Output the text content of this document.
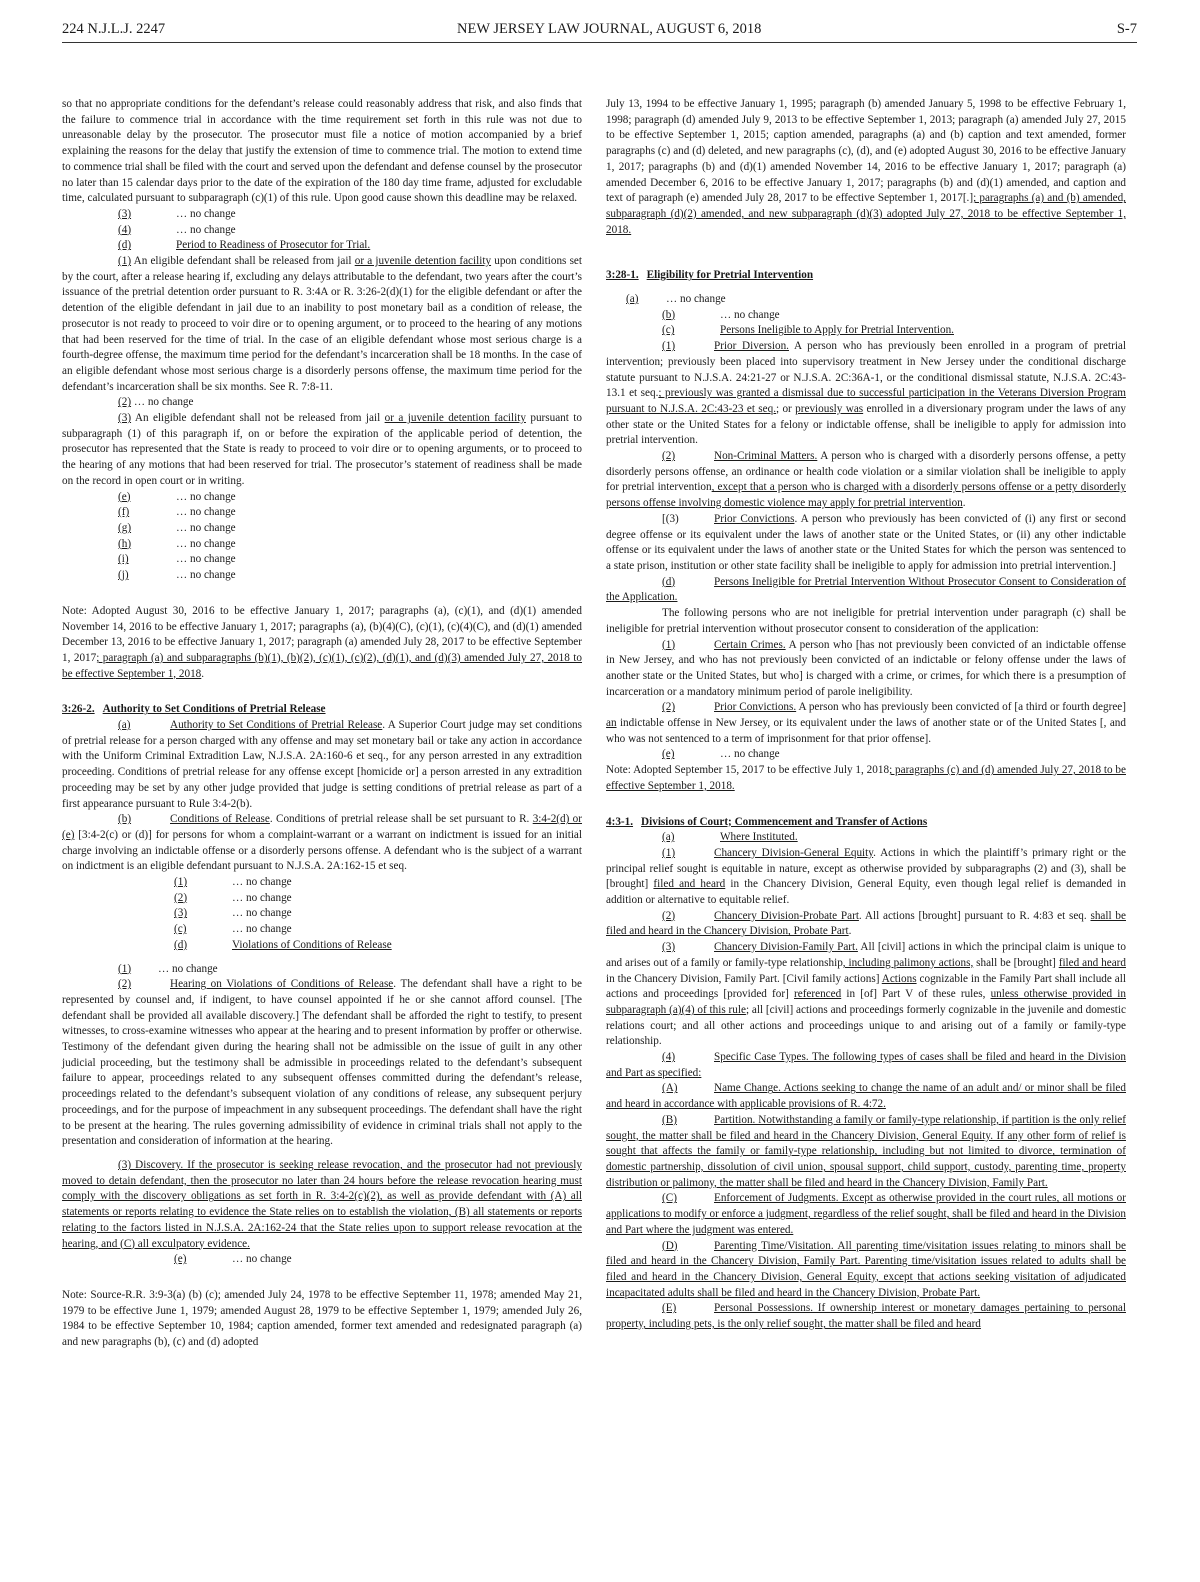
224 N.J.L.J. 2247	NEW JERSEY LAW JOURNAL, AUGUST 6, 2018	S-7

so that no appropriate conditions for the defendant’s release could reasonably address that risk, and also finds that the failure to commence trial in accordance with the time requirement set forth in this rule was not due to unreasonable delay by the prosecutor. The prosecutor must file a notice of motion accompanied by a brief explaining the reasons for the delay that justify the extension of time to commence trial. The motion to extend time to commence trial shall be filed with the court and served upon the defendant and defense counsel by the prosecutor no later than 15 calendar days prior to the date of the expiration of the 180 day time frame, adjusted for excludable time, calculated pursuant to subparagraph (c)(1) of this rule. Upon good cause shown this deadline may be relaxed.

(3)	… no change
(4)	… no change
(d)	Period to Readiness of Prosecutor for Trial.

(1) An eligible defendant shall be released from jail or a juvenile detention facility upon conditions set by the court, after a release hearing if, excluding any delays attributable to the defendant, two years after the court’s issuance of the pretrial detention order pursuant to R. 3:4A or R. 3:26-2(d)(1) for the eligible defendant or after the detention of the eligible defendant in jail due to an inability to post monetary bail as a condition of release, the prosecutor is not ready to proceed to voir dire or to opening argument, or to proceed to the hearing of any motions that had been reserved for the time of trial. In the case of an eligible defendant whose most serious charge is a fourth-degree offense, the maximum time period for the defendant’s incarceration shall be 18 months. In the case of an eligible defendant whose most serious charge is a disorderly persons offense, the maximum time period for the defendant’s incarceration shall be six months. See R. 7:8-11.

(2) … no change

(3) An eligible defendant shall not be released from jail or a juvenile detention facility pursuant to subparagraph (1) of this paragraph if, on or before the expiration of the applicable period of detention, the prosecutor has represented that the State is ready to proceed to voir dire or to opening arguments, or to proceed to the hearing of any motions that had been reserved for trial. The prosecutor’s statement of readiness shall be made on the record in open court or in writing.

(e)	… no change
(f)	… no change
(g)	… no change
(h)	… no change
(i)	… no change
(j)	… no change

Note: Adopted August 30, 2016 to be effective January 1, 2017; paragraphs (a), (c)(1), and (d)(1) amended November 14, 2016 to be effective January 1, 2017; paragraphs (a), (b)(4)(C), (c)(1), (c)(4)(C), and (d)(1) amended December 13, 2016 to be effective January 1, 2017; paragraph (a) amended July 28, 2017 to be effective September 1, 2017; paragraph (a) and subparagraphs (b)(1), (b)(2), (c)(1), (c)(2), (d)(1), and (d)(3) amended July 27, 2018 to be effective September 1, 2018.

3:26-2. Authority to Set Conditions of Pretrial Release

(a)	Authority to Set Conditions of Pretrial Release. A Superior Court judge may set conditions of pretrial release for a person charged with any offense and may set monetary bail or take any action in accordance with the Uniform Criminal Extradition Law, N.J.S.A. 2A:160-6 et seq., for any person arrested in any extradition proceeding. Conditions of pretrial release for any offense except [homicide or] a person arrested in any extradition proceeding may be set by any other judge provided that judge is setting conditions of pretrial release as part of a first appearance pursuant to Rule 3:4-2(b).

(b)	Conditions of Release. Conditions of pretrial release shall be set pursuant to R. 3:4-2(d) or (e) [3:4-2(c) or (d)] for persons for whom a complaint-warrant or a warrant on indictment is issued for an initial charge involving an indictable offense or a disorderly persons offense. A defendant who is the subject of a warrant on indictment is an eligible defendant pursuant to N.J.S.A. 2A:162-15 et seq.

(1)	… no change
(2)	… no change
(3)	… no change
(c)	… no change
(d)	Violations of Conditions of Release
(1)	… no change

(2)	Hearing on Violations of Conditions of Release. The defendant shall have a right to be represented by counsel and, if indigent, to have counsel appointed if he or she cannot afford counsel. [The defendant shall be provided all available discovery.] The defendant shall be afforded the right to testify, to present witnesses, to cross-examine witnesses who appear at the hearing and to present information by proffer or otherwise. Testimony of the defendant given during the hearing shall not be admissible on the issue of guilt in any other judicial proceeding, but the testimony shall be admissible in proceedings related to the defendant’s subsequent failure to appear, proceedings related to any subsequent offenses committed during the defendant’s release, proceedings related to the defendant’s subsequent violation of any conditions of release, any subsequent perjury proceedings, and for the purpose of impeachment in any subsequent proceedings. The defendant shall have the right to be present at the hearing. The rules governing admissibility of evidence in criminal trials shall not apply to the presentation and consideration of information at the hearing.

(3) Discovery. If the prosecutor is seeking release revocation, and the prosecutor had not previously moved to detain defendant, then the prosecutor no later than 24 hours before the release revocation hearing must comply with the discovery obligations as set forth in R. 3:4-2(c)(2), as well as provide defendant with (A) all statements or reports relating to evidence the State relies on to establish the violation, (B) all statements or reports relating to the factors listed in N.J.S.A. 2A:162-24 that the State relies upon to support release revocation at the hearing, and (C) all exculpatory evidence.

(e)	… no change

Note: Source-R.R. 3:9-3(a) (b) (c); amended July 24, 1978 to be effective September 11, 1978; amended May 21, 1979 to be effective June 1, 1979; amended August 28, 1979 to be effective September 1, 1979; amended July 26, 1984 to be effective September 10, 1984; caption amended, former text amended and redesignated paragraph (a) and new paragraphs (b), (c) and (d) adopted

July 13, 1994 to be effective January 1, 1995; paragraph (b) amended January 5, 1998 to be effective February 1, 1998; paragraph (d) amended July 9, 2013 to be effective September 1, 2013; paragraph (a) amended July 27, 2015 to be effective September 1, 2015; caption amended, paragraphs (a) and (b) caption and text amended, former paragraphs (c) and (d) deleted, and new paragraphs (c), (d), and (e) adopted August 30, 2016 to be effective January 1, 2017; paragraphs (b) and (d)(1) amended November 14, 2016 to be effective January 1, 2017; paragraph (a) amended December 6, 2016 to be effective January 1, 2017; paragraphs (b) and (d)(1) amended, and caption and text of paragraph (e) amended July 28, 2017 to be effective September 1, 2017[.]; paragraphs (a) and (b) amended, subparagraph (d)(2) amended, and new subparagraph (d)(3) adopted July 27, 2018 to be effective September 1, 2018.

3:28-1. Eligibility for Pretrial Intervention

(a)	… no change
(b)	… no change
(c)	Persons Ineligible to Apply for Pretrial Intervention.

(1)	Prior Diversion. A person who has previously been enrolled in a program of pretrial intervention; previously been placed into supervisory treatment in New Jersey under the conditional discharge statute pursuant to N.J.S.A. 24:21-27 or N.J.S.A. 2C:36A-1, or the conditional dismissal statute, N.J.S.A. 2C:43-13.1 et seq.; previously was granted a dismissal due to successful participation in the Veterans Diversion Program pursuant to N.J.S.A. 2C:43-23 et seq.; or previously was enrolled in a diversionary program under the laws of any other state or the United States for a felony or indictable offense, shall be ineligible to apply for admission into pretrial intervention.

(2)	Non-Criminal Matters. A person who is charged with a disorderly persons offense, a petty disorderly persons offense, an ordinance or health code violation or a similar violation shall be ineligible to apply for pretrial intervention, except that a person who is charged with a disorderly persons offense or a petty disorderly persons offense involving domestic violence may apply for pretrial intervention.

[(3)	Prior Convictions. A person who previously has been convicted of (i) any first or second degree offense or its equivalent under the laws of another state or the United States, or (ii) any other indictable offense or its equivalent under the laws of another state or the United States for which the person was sentenced to a state prison, institution or other state facility shall be ineligible to apply for admission into pretrial intervention.]

(d)	Persons Ineligible for Pretrial Intervention Without Prosecutor Consent to Consideration of the Application.

The following persons who are not ineligible for pretrial intervention under paragraph (c) shall be ineligible for pretrial intervention without prosecutor consent to consideration of the application:

(1)	Certain Crimes. A person who [has not previously been convicted of an indictable offense in New Jersey, and who has not previously been convicted of an indictable or felony offense under the laws of another state or the United States, but who] is charged with a crime, or crimes, for which there is a presumption of incarceration or a mandatory minimum period of parole ineligibility.

(2)	Prior Convictions. A person who has previously been convicted of [a third or fourth degree] an indictable offense in New Jersey, or its equivalent under the laws of another state or of the United States [, and who was not sentenced to a term of imprisonment for that prior offense].

(e)	… no change

Note: Adopted September 15, 2017 to be effective July 1, 2018; paragraphs (c) and (d) amended July 27, 2018 to be effective September 1, 2018.

4:3-1. Divisions of Court; Commencement and Transfer of Actions

(a)	Where Instituted.

(1)	Chancery Division-General Equity. Actions in which the plaintiff’s primary right or the principal relief sought is equitable in nature, except as otherwise provided by subparagraphs (2) and (3), shall be [brought] filed and heard in the Chancery Division, General Equity, even though legal relief is demanded in addition or alternative to equitable relief.

(2)	Chancery Division-Probate Part. All actions [brought] pursuant to R. 4:83 et seq. shall be filed and heard in the Chancery Division, Probate Part.

(3)	Chancery Division-Family Part. All [civil] actions in which the principal claim is unique to and arises out of a family or family-type relationship, including palimony actions, shall be [brought] filed and heard in the Chancery Division, Family Part. [Civil family actions] Actions cognizable in the Family Part shall include all actions and proceedings [provided for] referenced in [of] Part V of these rules, unless otherwise provided in subparagraph (a)(4) of this rule; all [civil] actions and proceedings formerly cognizable in the juvenile and domestic relations court; and all other actions and proceedings unique to and arising out of a family or family-type relationship.

(4)	Specific Case Types. The following types of cases shall be filed and heard in the Division and Part as specified:

(A)	Name Change. Actions seeking to change the name of an adult and/ or minor shall be filed and heard in accordance with applicable provisions of R. 4:72.

(B)	Partition. Notwithstanding a family or family-type relationship, if partition is the only relief sought, the matter shall be filed and heard in the Chancery Division, General Equity. If any other form of relief is sought that affects the family or family-type relationship, including but not limited to divorce, termination of domestic partnership, dissolution of civil union, spousal support, child support, custody, parenting time, property distribution or palimony, the matter shall be filed and heard in the Chancery Division, Family Part.

(C)	Enforcement of Judgments. Except as otherwise provided in the court rules, all motions or applications to modify or enforce a judgment, regardless of the relief sought, shall be filed and heard in the Division and Part where the judgment was entered.

(D)	Parenting Time/Visitation. All parenting time/visitation issues relating to minors shall be filed and heard in the Chancery Division, Family Part. Parenting time/visitation issues related to adults shall be filed and heard in the Chancery Division, General Equity, except that actions seeking visitation of adjudicated incapacitated adults shall be filed and heard in the Chancery Division, Probate Part.

(E)	Personal Possessions. If ownership interest or monetary damages pertaining to personal property, including pets, is the only relief sought, the matter shall be filed and heard
